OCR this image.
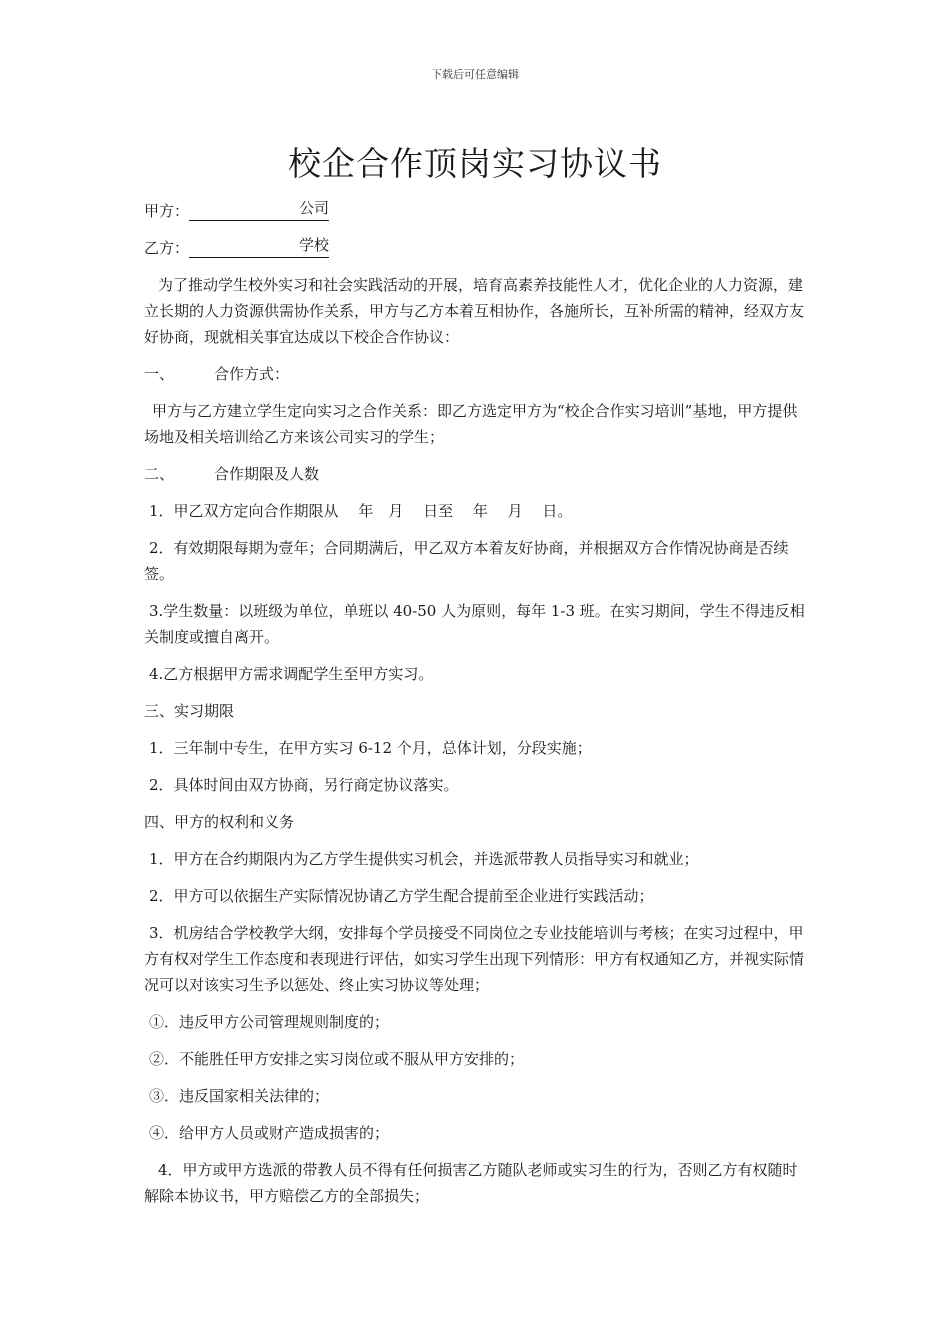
下载后可任意编辑
校企合作顶岗实习协议书
甲方：	公司
乙方：	学校

为了推动学生校外实习和社会实践活动的开展，培育高素养技能性人才，优化企业的人力资源，建立长期的人力资源供需协作关系，甲方与乙方本着互相协作，各施所长，互补所需的精神，经双方友好协商，现就相关事宜达成以下校企合作协议：

一、	合作方式：

甲方与乙方建立学生定向实习之合作关系：即乙方选定甲方为“校企合作实习培训”基地，甲方提供场地及相关培训给乙方来该公司实习的学生；

二、	合作期限及人数

1．甲乙双方定向合作期限从　 年　月　 日至　 年　 月　 日。

2．有效期限每期为壹年；合同期满后，甲乙双方本着友好协商，并根据双方合作情况协商是否续签。

3.学生数量：以班级为单位，单班以 40-50 人为原则，每年 1-3 班。在实习期间，学生不得违反相关制度或擅自离开。

4.乙方根据甲方需求调配学生至甲方实习。

三、实习期限

1．三年制中专生，在甲方实习 6-12 个月，总体计划，分段实施；

2．具体时间由双方协商，另行商定协议落实。

四、甲方的权利和义务

1．甲方在合约期限内为乙方学生提供实习机会，并选派带教人员指导实习和就业；

2．甲方可以依据生产实际情况协请乙方学生配合提前至企业进行实践活动；

3．机房结合学校教学大纲，安排每个学员接受不同岗位之专业技能培训与考核；在实习过程中，甲方有权对学生工作态度和表现进行评估，如实习学生出现下列情形：甲方有权通知乙方，并视实际情况可以对该实习生予以惩处、终止实习协议等处理；

①．违反甲方公司管理规则制度的；

②．不能胜任甲方安排之实习岗位或不服从甲方安排的；

③．违反国家相关法律的；

④．给甲方人员或财产造成损害的；

4．甲方或甲方选派的带教人员不得有任何损害乙方随队老师或实习生的行为，否则乙方有权随时解除本协议书，甲方赔偿乙方的全部损失；
